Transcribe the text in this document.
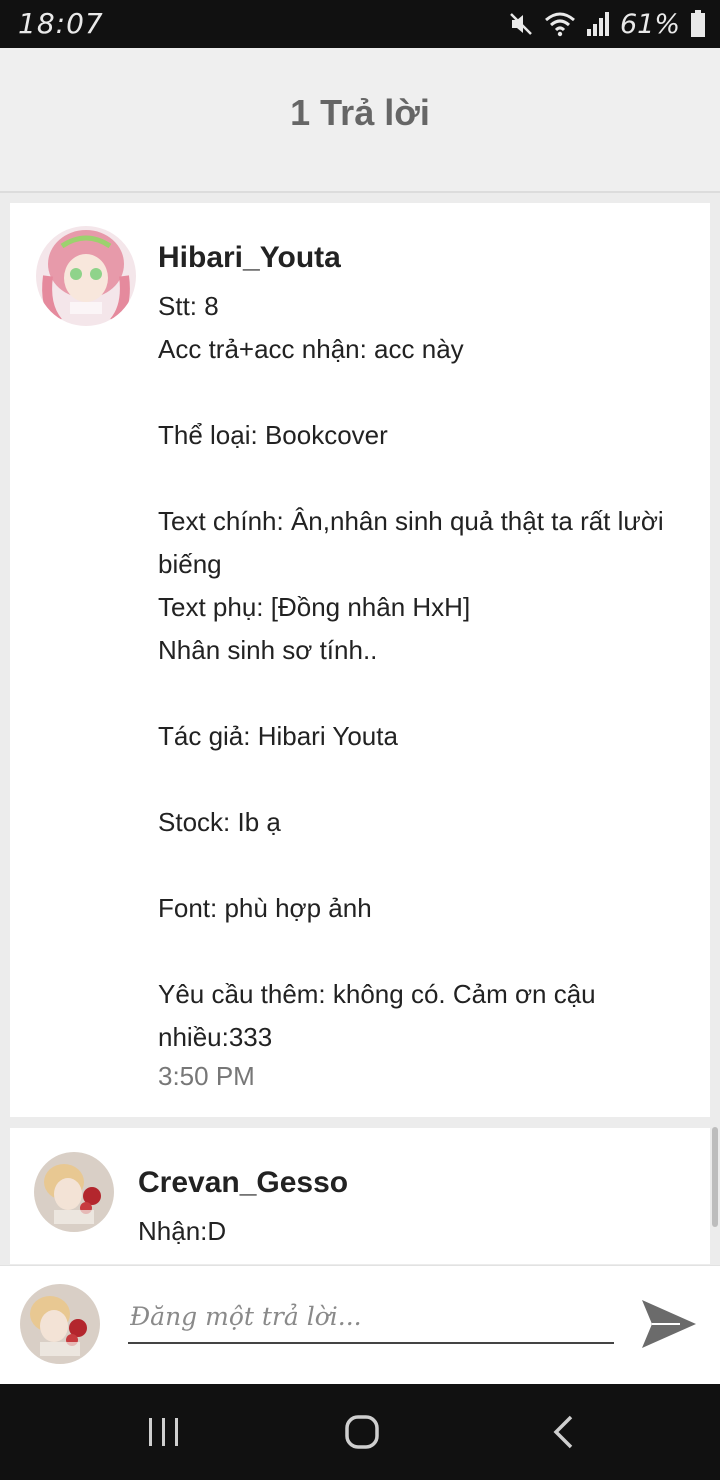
18:07	61%
1 Trả lời
Hibari_Youta
Stt: 8
Acc trả+acc nhận: acc này

Thể loại: Bookcover

Text chính: Ân,nhân sinh quả thật ta rất lười biếng
Text phụ: [Đồng nhân HxH]
Nhân sinh sơ tính..

Tác giả: Hibari Youta

Stock: Ib ạ

Font: phù hợp ảnh

Yêu cầu thêm: không có. Cảm ơn cậu nhiều:333
3:50 PM
Crevan_Gesso
Nhận:D
Đăng một trả lời...
